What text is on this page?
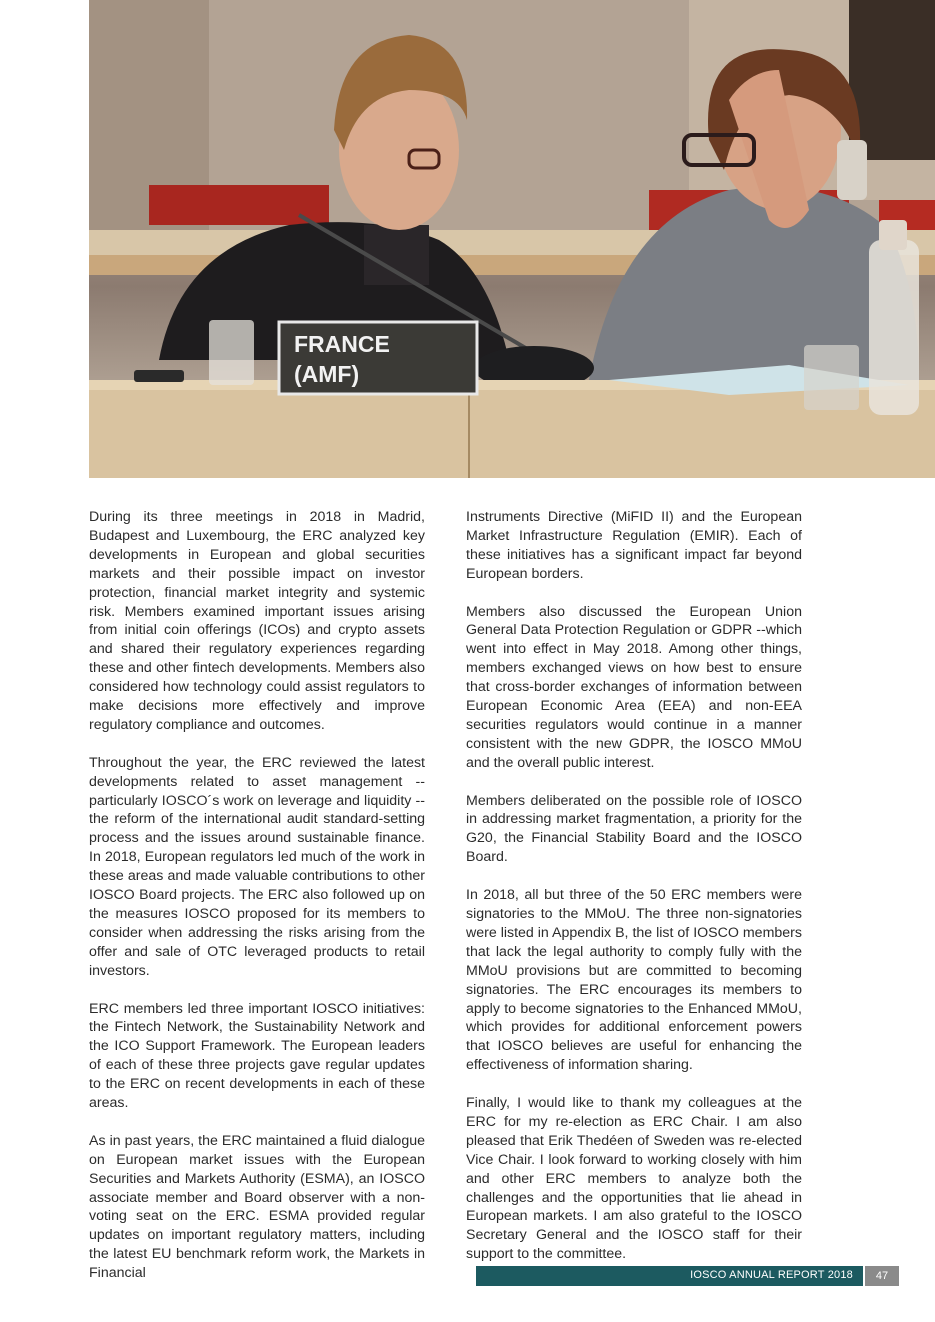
FRANCE
(AMF)

During its three meetings in 2018 in Madrid, Budapest and Luxembourg, the ERC analyzed key developments in European and global securities markets and their possible impact on investor protection, financial market integrity and systemic risk. Members examined important issues arising from initial coin offerings (ICOs) and crypto assets and shared their regulatory experiences regarding these and other fintech developments. Members also considered how technology could assist regulators to make decisions more effectively and improve regulatory compliance and outcomes.

Throughout the year, the ERC reviewed the latest developments related to asset management -- particularly IOSCO´s work on leverage and liquidity -- the reform of the international audit standard-setting process and the issues around sustainable finance. In 2018, European regulators led much of the work in these areas and made valuable contributions to other IOSCO Board projects. The ERC also followed up on the measures IOSCO proposed for its members to consider when addressing the risks arising from the offer and sale of OTC leveraged products to retail investors.

ERC members led three important IOSCO initiatives: the Fintech Network, the Sustainability Network and the ICO Support Framework. The European leaders of each of these three projects gave regular updates to the ERC on recent developments in each of these areas.

As in past years, the ERC maintained a fluid dialogue on European market issues with the European Securities and Markets Authority (ESMA), an IOSCO associate member and Board observer with a non-voting seat on the ERC. ESMA provided regular updates on important regulatory matters, including the latest EU benchmark reform work, the Markets in Financial

Instruments Directive (MiFID II) and the European Market Infrastructure Regulation (EMIR). Each of these initiatives has a significant impact far beyond European borders.

Members also discussed the European Union General Data Protection Regulation or GDPR --which went into effect in May 2018. Among other things, members exchanged views on how best to ensure that cross-border exchanges of information between European Economic Area (EEA) and non-EEA securities regulators would continue in a manner consistent with the new GDPR, the IOSCO MMoU and the overall public interest.

Members deliberated on the possible role of IOSCO in addressing market fragmentation, a priority for the G20, the Financial Stability Board and the IOSCO Board.

In 2018, all but three of the 50 ERC members were signatories to the MMoU. The three non-signatories were listed in Appendix B, the list of IOSCO members that lack the legal authority to comply fully with the MMoU provisions but are committed to becoming signatories. The ERC encourages its members to apply to become signatories to the Enhanced MMoU, which provides for additional enforcement powers that IOSCO believes are useful for enhancing the effectiveness of information sharing.

Finally, I would like to thank my colleagues at the ERC for my re-election as ERC Chair. I am also pleased that Erik Thedéen of Sweden was re-elected Vice Chair. I look forward to working closely with him and other ERC members to analyze both the challenges and the opportunities that lie ahead in European markets. I am also grateful to the IOSCO Secretary General and the IOSCO staff for their support to the committee.

IOSCO ANNUAL REPORT 2018	47
